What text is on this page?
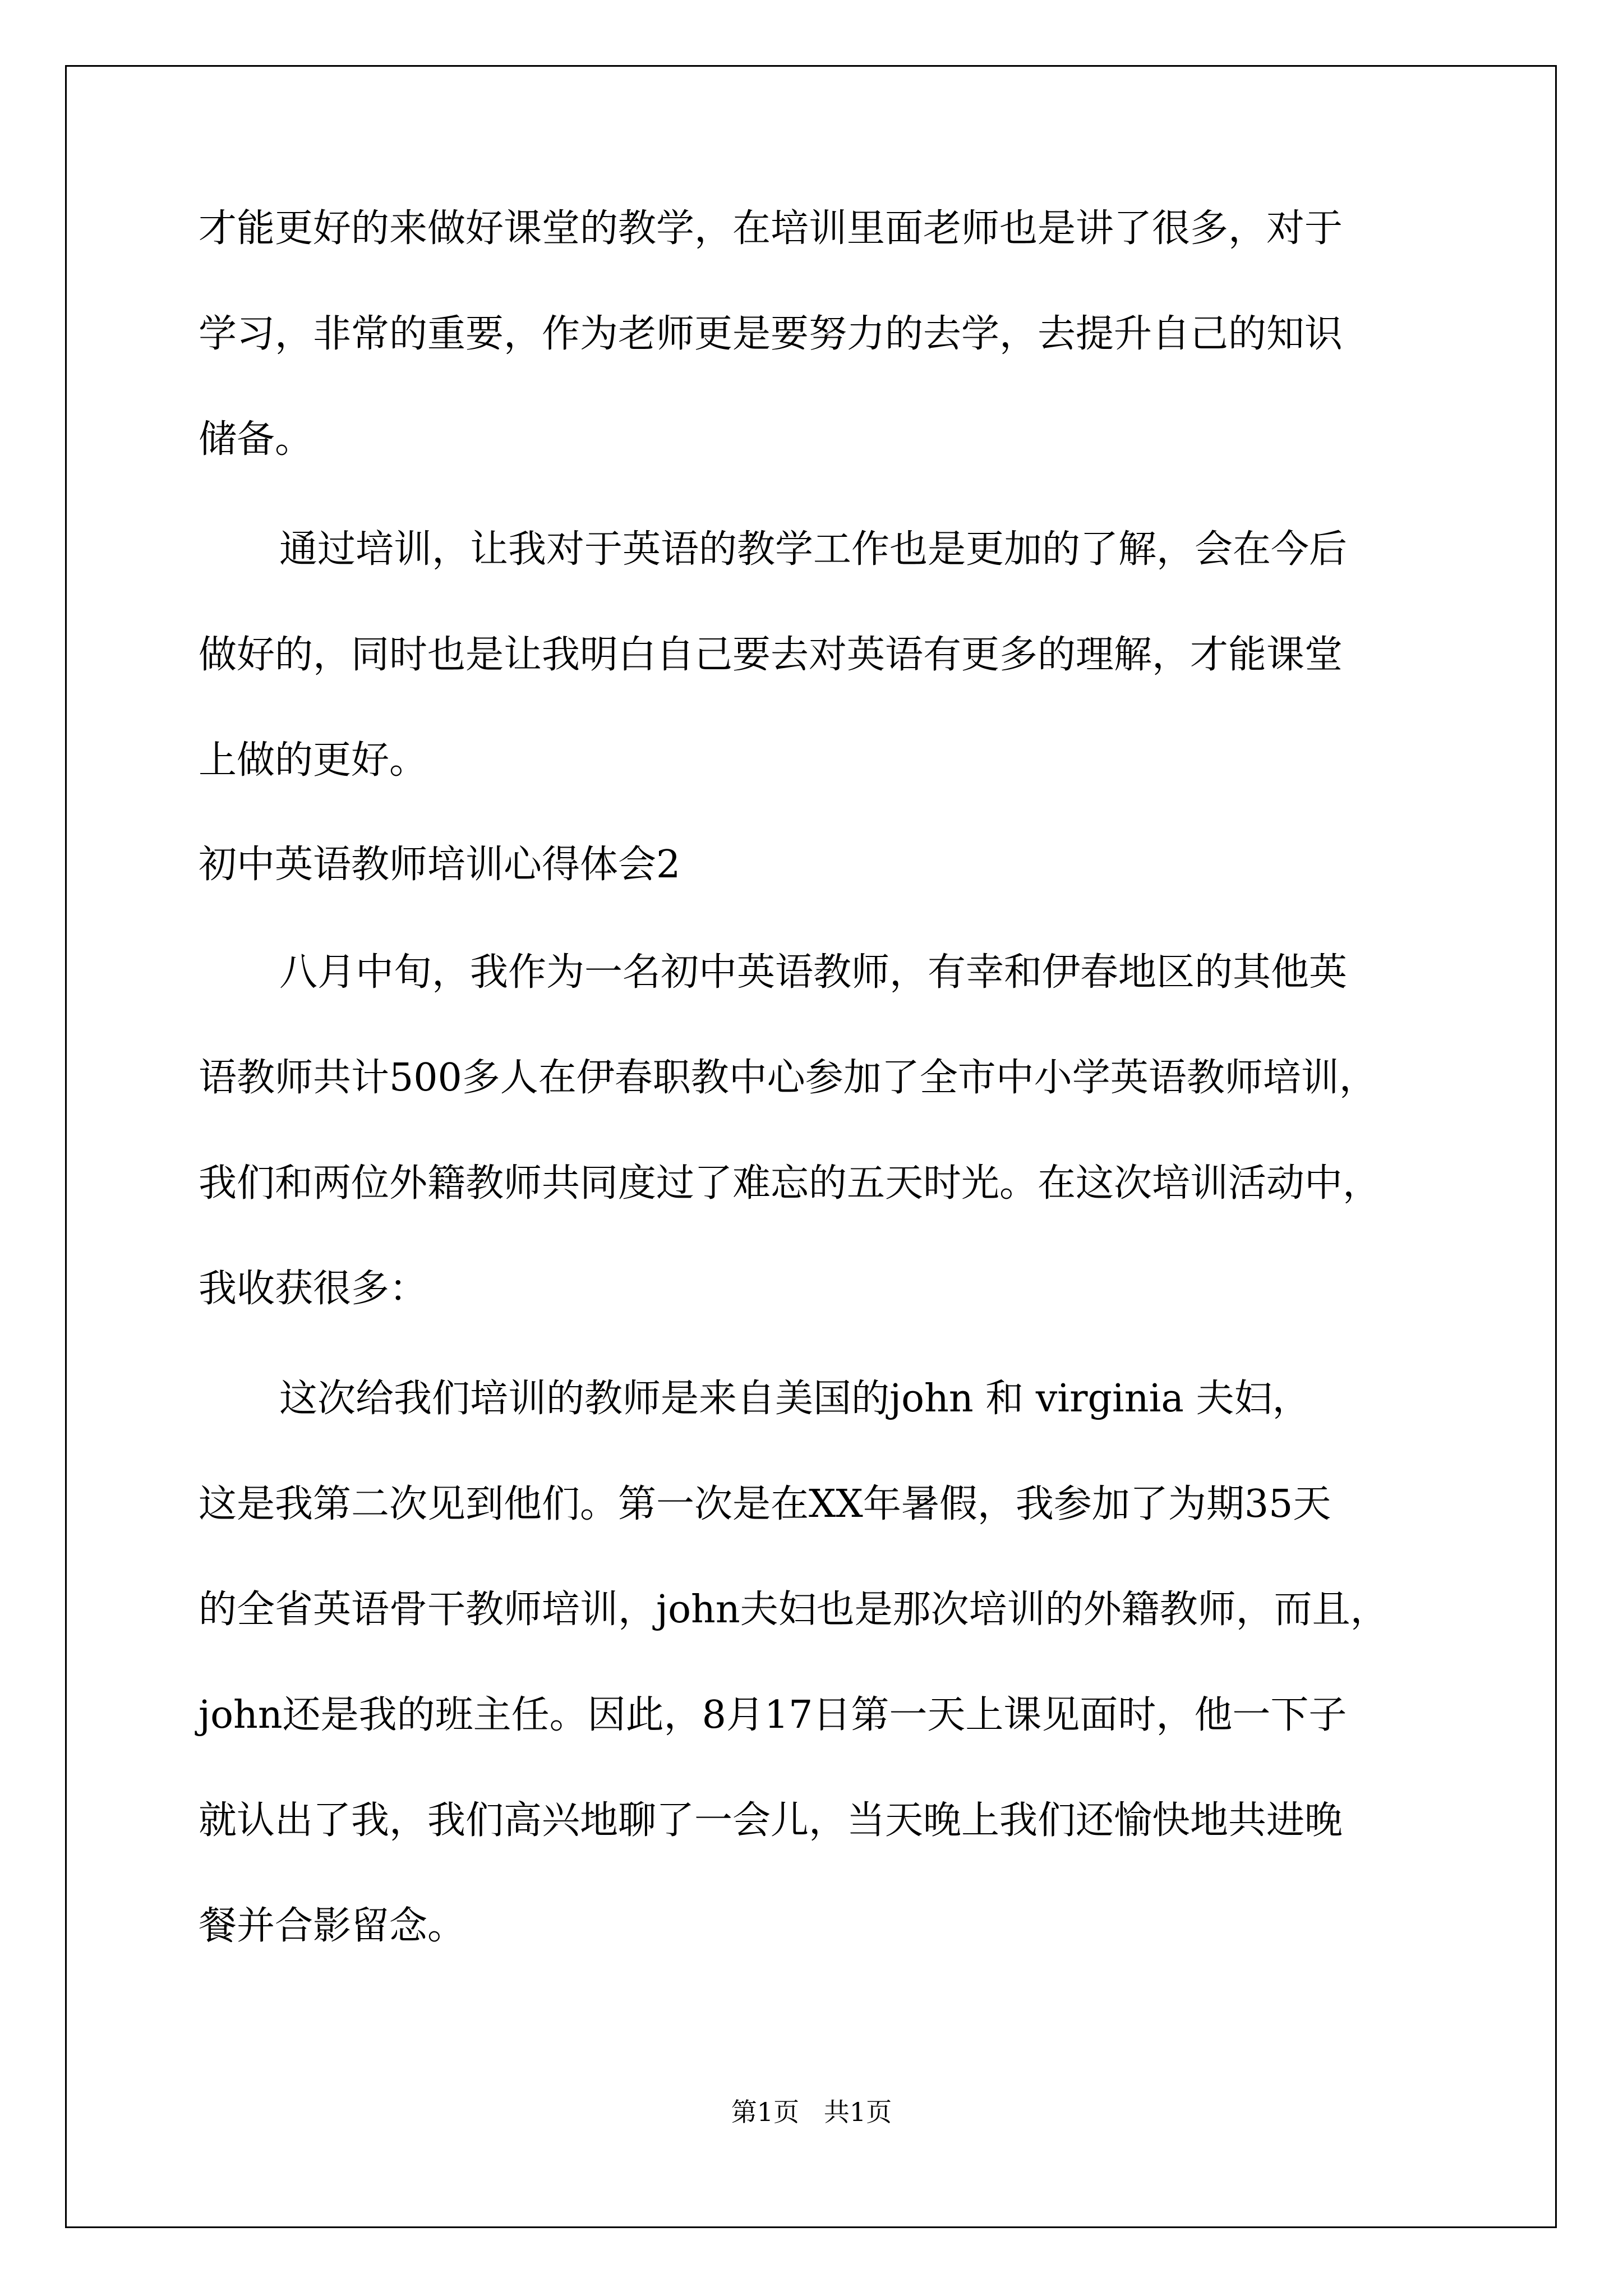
才能更好的来做好课堂的教学，在培训里面老师也是讲了很多，对于
学习，非常的重要，作为老师更是要努力的去学，去提升自己的知识
储备。
通过培训，让我对于英语的教学工作也是更加的了解，会在今后
做好的，同时也是让我明白自己要去对英语有更多的理解，才能课堂
上做的更好。
初中英语教师培训心得体会2
八月中旬，我作为一名初中英语教师，有幸和伊春地区的其他英
语教师共计500多人在伊春职教中心参加了全市中小学英语教师培训，
我们和两位外籍教师共同度过了难忘的五天时光。在这次培训活动中，
我收获很多：
这次给我们培训的教师是来自美国的john 和 virginia 夫妇，
这是我第二次见到他们。第一次是在XX年暑假，我参加了为期35天
的全省英语骨干教师培训，john夫妇也是那次培训的外籍教师，而且，
john还是我的班主任。因此，8月17日第一天上课见面时，他一下子
就认出了我，我们高兴地聊了一会儿，当天晚上我们还愉快地共进晚
餐并合影留念。
第1页   共1页
